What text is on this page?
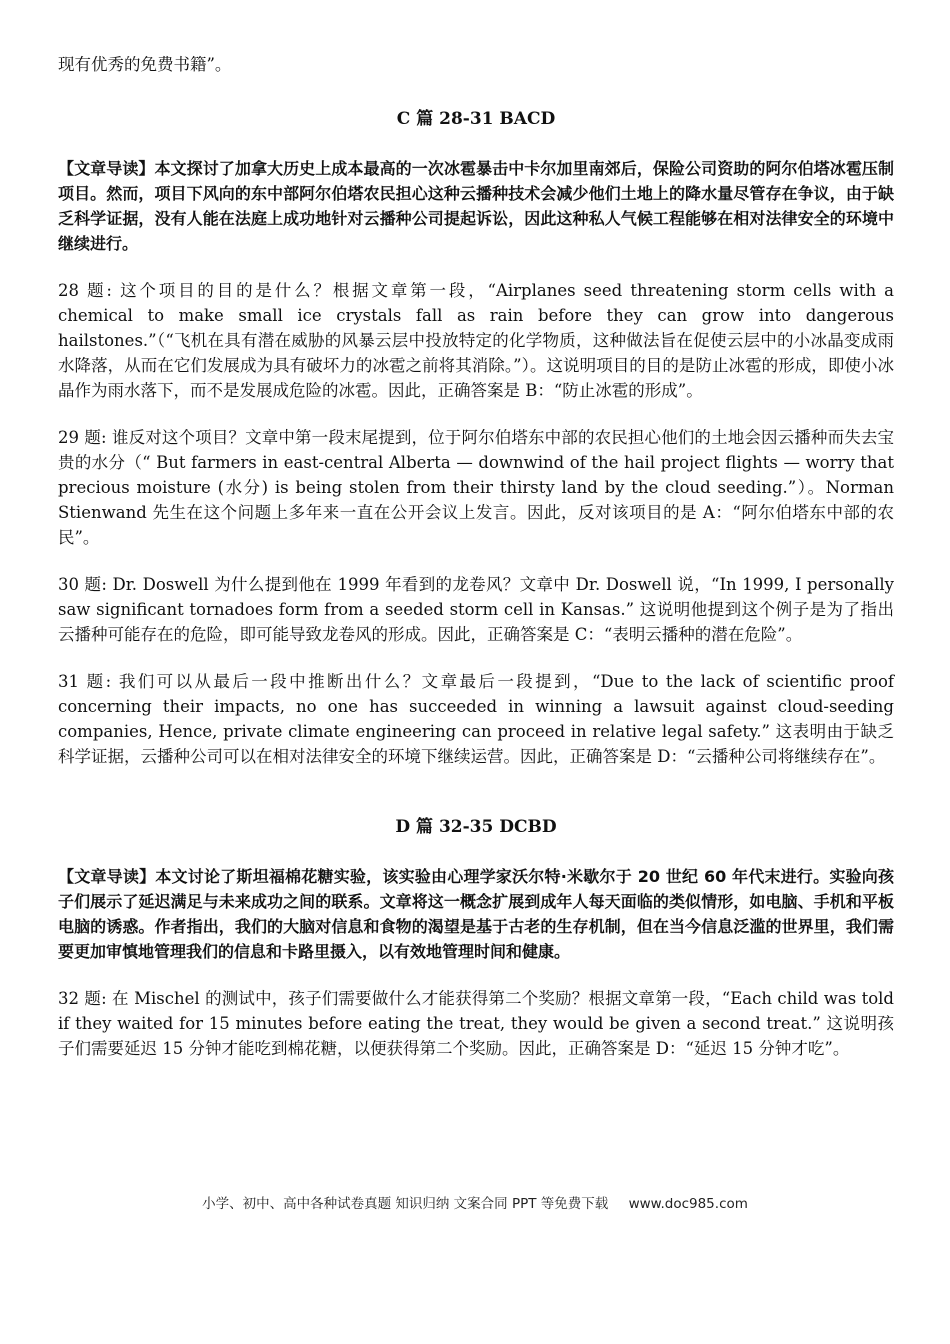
现有优秀的免费书籍”。

C 篇 28-31 BACD

【文章导读】本文探讨了加拿大历史上成本最高的一次冰雹暴击中卡尔加里南郊后，保险公司资助的阿尔伯塔冰雹压制项目。然而，项目下风向的东中部阿尔伯塔农民担心这种云播种技术会减少他们土地上的降水量尽管存在争议，由于缺乏科学证据，没有人能在法庭上成功地针对云播种公司提起诉讼，因此这种私人气候工程能够在相对法律安全的环境中继续进行。

28 题: 这个项目的目的是什么？根据文章第一段，“Airplanes seed threatening storm cells with a chemical to make small ice crystals fall as rain before they can grow into dangerous hailstones.”（“飞机在具有潜在威胁的风暴云层中投放特定的化学物质，这种做法旨在促使云层中的小冰晶变成雨水降落，从而在它们发展成为具有破坏力的冰雹之前将其消除。”）。这说明项目的目的是防止冰雹的形成，即使小冰晶作为雨水落下，而不是发展成危险的冰雹。因此，正确答案是 B：“防止冰雹的形成”。

29 题: 谁反对这个项目？文章中第一段末尾提到，位于阿尔伯塔东中部的农民担心他们的土地会因云播种而失去宝贵的水分（“ But farmers in east-central Alberta — downwind of the hail project flights — worry that precious moisture (水分) is being stolen from their thirsty land by the cloud seeding.”）。Norman Stienwand 先生在这个问题上多年来一直在公开会议上发言。因此，反对该项目的是 A：“阿尔伯塔东中部的农民”。

30 题: Dr. Doswell 为什么提到他在 1999 年看到的龙卷风？文章中 Dr. Doswell 说，“In 1999, I personally saw significant tornadoes form from a seeded storm cell in Kansas.” 这说明他提到这个例子是为了指出云播种可能存在的危险，即可能导致龙卷风的形成。因此，正确答案是 C：“表明云播种的潜在危险”。

31 题: 我们可以从最后一段中推断出什么？文章最后一段提到，“Due to the lack of scientific proof concerning their impacts, no one has succeeded in winning a lawsuit against cloud-seeding companies, Hence, private climate engineering can proceed in relative legal safety.” 这表明由于缺乏科学证据，云播种公司可以在相对法律安全的环境下继续运营。因此，正确答案是 D：“云播种公司将继续存在”。

D 篇 32-35 DCBD

【文章导读】本文讨论了斯坦福棉花糖实验，该实验由心理学家沃尔特·米歇尔于 20 世纪 60 年代末进行。实验向孩子们展示了延迟满足与未来成功之间的联系。文章将这一概念扩展到成年人每天面临的类似情形，如电脑、手机和平板电脑的诱惑。作者指出，我们的大脑对信息和食物的渴望是基于古老的生存机制，但在当今信息泛滥的世界里，我们需要更加审慎地管理我们的信息和卡路里摄入，以有效地管理时间和健康。

32 题: 在 Mischel 的测试中，孩子们需要做什么才能获得第二个奖励？根据文章第一段，“Each child was told if they waited for 15 minutes before eating the treat, they would be given a second treat.” 这说明孩子们需要延迟 15 分钟才能吃到棉花糖，以便获得第二个奖励。因此，正确答案是 D：“延迟 15 分钟才吃”。

小学、初中、高中各种试卷真题 知识归纳 文案合同 PPT 等免费下载 www.doc985.com
